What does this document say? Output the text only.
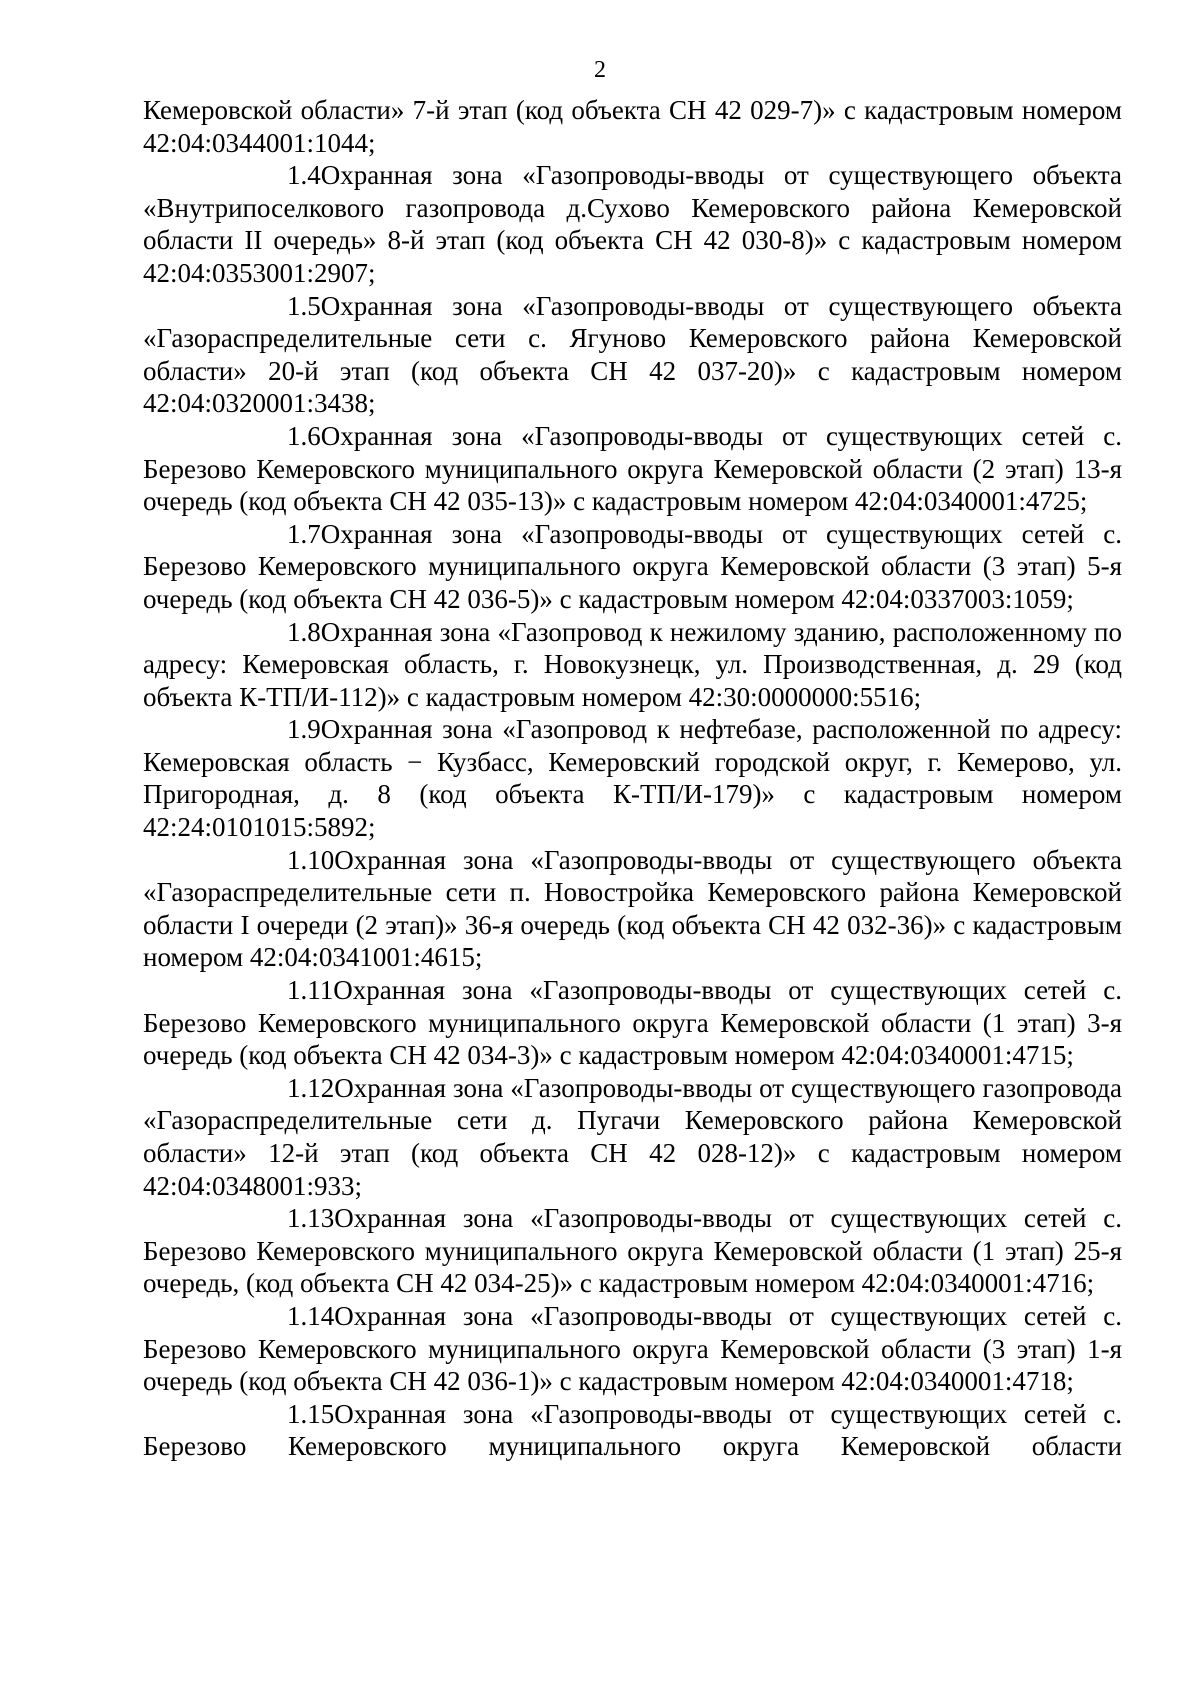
2

Кемеровской области» 7-й этап (код объекта СН 42 029-7)» с кадастровым номером 42:04:0344001:1044;

1.4Охранная зона «Газопроводы-вводы от существующего объекта «Внутрипоселкового газопровода д.Сухово Кемеровского района Кемеровской области II очередь» 8-й этап (код объекта СН 42 030-8)» с кадастровым номером 42:04:0353001:2907;

1.5Охранная зона «Газопроводы-вводы от существующего объекта «Газораспределительные сети с. Ягуново Кемеровского района Кемеровской области» 20-й этап (код объекта СН 42 037-20)» с кадастровым номером 42:04:0320001:3438;

1.6Охранная зона «Газопроводы-вводы от существующих сетей с. Березово Кемеровского муниципального округа Кемеровской области (2 этап) 13-я очередь (код объекта СН 42 035-13)» с кадастровым номером 42:04:0340001:4725;

1.7Охранная зона «Газопроводы-вводы от существующих сетей с. Березово Кемеровского муниципального округа Кемеровской области (3 этап) 5-я очередь (код объекта СН 42 036-5)» с кадастровым номером 42:04:0337003:1059;

1.8Охранная зона «Газопровод к нежилому зданию, расположенному по адресу: Кемеровская область, г. Новокузнецк, ул. Производственная, д. 29 (код объекта К-ТП/И-112)» с кадастровым номером 42:30:0000000:5516;

1.9Охранная зона «Газопровод к нефтебазе, расположенной по адресу: Кемеровская область − Кузбасс, Кемеровский городской округ, г. Кемерово, ул. Пригородная, д. 8 (код объекта К-ТП/И-179)» с кадастровым номером 42:24:0101015:5892;

1.10Охранная зона «Газопроводы-вводы от существующего объекта «Газораспределительные сети п. Новостройка Кемеровского района Кемеровской области I очереди (2 этап)» 36-я очередь (код объекта СН 42 032-36)» с кадастровым номером 42:04:0341001:4615;

1.11Охранная зона «Газопроводы-вводы от существующих сетей с. Березово Кемеровского муниципального округа Кемеровской области (1 этап) 3-я очередь (код объекта СН 42 034-3)» с кадастровым номером 42:04:0340001:4715;

1.12Охранная зона «Газопроводы-вводы от существующего газопровода «Газораспределительные сети д. Пугачи Кемеровского района Кемеровской области» 12-й этап (код объекта СН 42 028-12)» с кадастровым номером 42:04:0348001:933;

1.13Охранная зона «Газопроводы-вводы от существующих сетей с. Березово Кемеровского муниципального округа Кемеровской области (1 этап) 25-я очередь, (код объекта СН 42 034-25)» с кадастровым номером 42:04:0340001:4716;

1.14Охранная зона «Газопроводы-вводы от существующих сетей с. Березово Кемеровского муниципального округа Кемеровской области (3 этап) 1-я очередь (код объекта СН 42 036-1)» с кадастровым номером 42:04:0340001:4718;

1.15Охранная зона «Газопроводы-вводы от существующих сетей с. Березово Кемеровского муниципального округа Кемеровской области
